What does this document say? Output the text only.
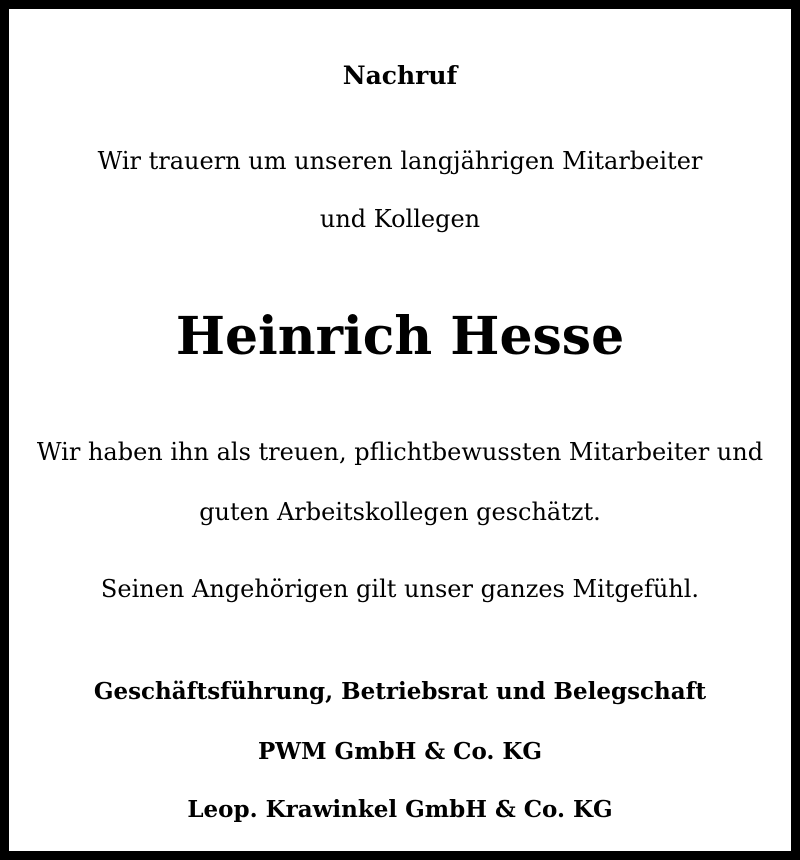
Nachruf
Wir trauern um unseren langjährigen Mitarbeiter
und Kollegen
Heinrich Hesse
Wir haben ihn als treuen, pflichtbewussten Mitarbeiter und
guten Arbeitskollegen geschätzt.
Seinen Angehörigen gilt unser ganzes Mitgefühl.
Geschäftsführung, Betriebsrat und Belegschaft
PWM GmbH & Co. KG
Leop. Krawinkel GmbH & Co. KG
